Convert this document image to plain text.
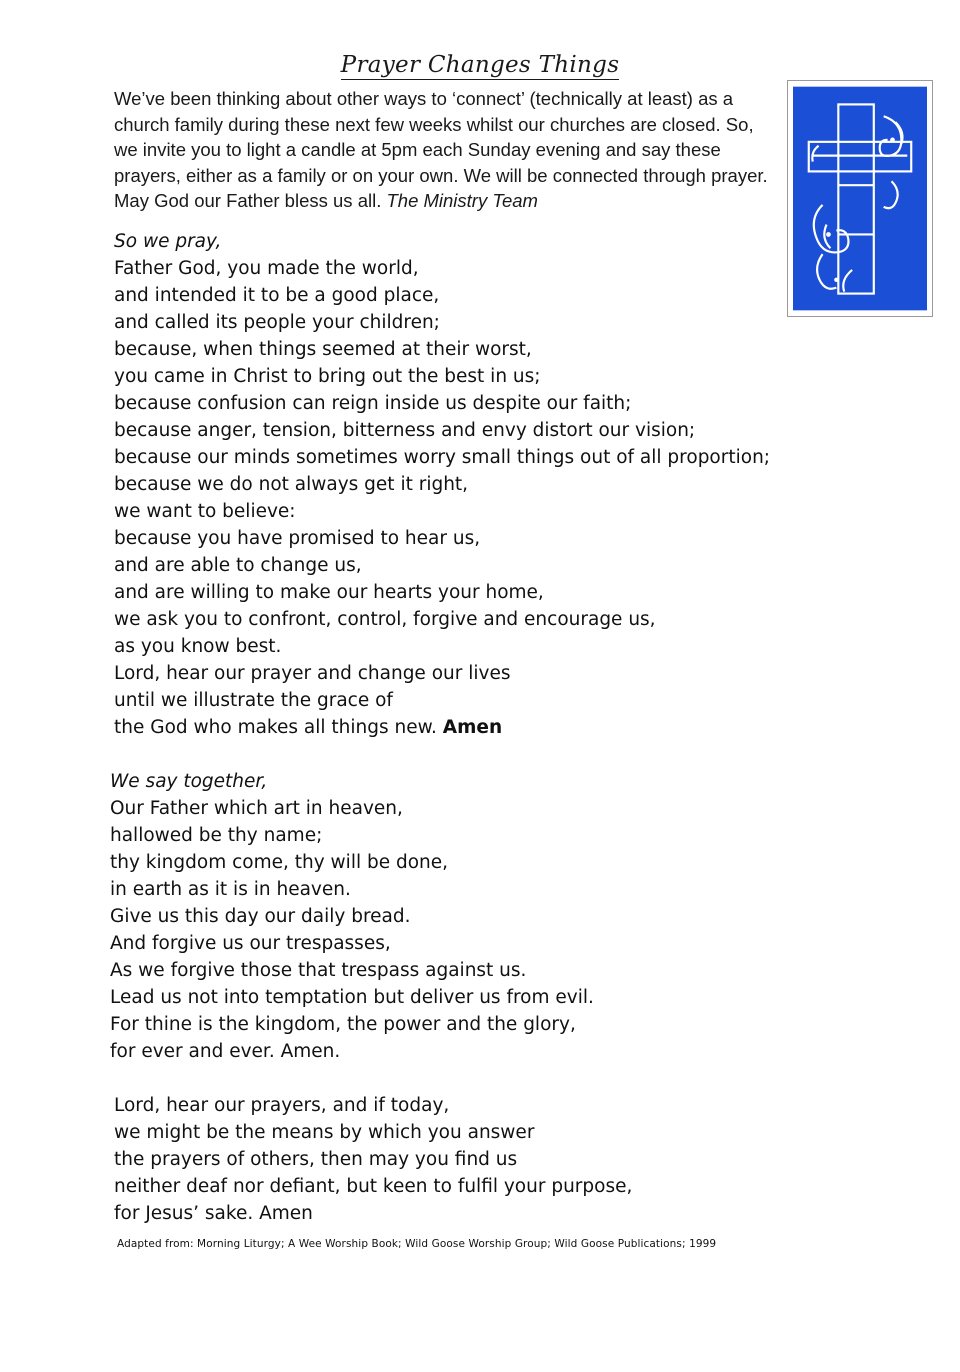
Prayer Changes Things
We’ve been thinking about other ways to ‘connect’ (technically at least) as a church family during these next few weeks whilst our churches are closed. So, we invite you to light a candle at 5pm each Sunday evening and say these prayers, either as a family or on your own. We will be connected through prayer. May God our Father bless us all. The Ministry Team
So we pray,
Father God, you made the world,
and intended it to be a good place,
and called its people your children;
because, when things seemed at their worst,
you came in Christ to bring out the best in us;
because confusion can reign inside us despite our faith;
because anger, tension, bitterness and envy distort our vision;
because our minds sometimes worry small things out of all proportion;
because we do not always get it right,
we want to believe:
because you have promised to hear us,
and are able to change us,
and are willing to make our hearts your home,
we ask you to confront, control, forgive and encourage us,
as you know best.
Lord, hear our prayer and change our lives
until we illustrate the grace of
the God who makes all things new. Amen
We say together,
Our Father which art in heaven,
hallowed be thy name;
thy kingdom come, thy will be done,
in earth as it is in heaven.
Give us this day our daily bread.
And forgive us our trespasses,
As we forgive those that trespass against us.
Lead us not into temptation but deliver us from evil.
For thine is the kingdom, the power and the glory,
for ever and ever. Amen.
Lord, hear our prayers, and if today,
we might be the means by which you answer
the prayers of others, then may you find us
neither deaf nor defiant, but keen to fulfil your purpose,
for Jesus’ sake. Amen
Adapted from: Morning Liturgy; A Wee Worship Book; Wild Goose Worship Group; Wild Goose Publications; 1999
